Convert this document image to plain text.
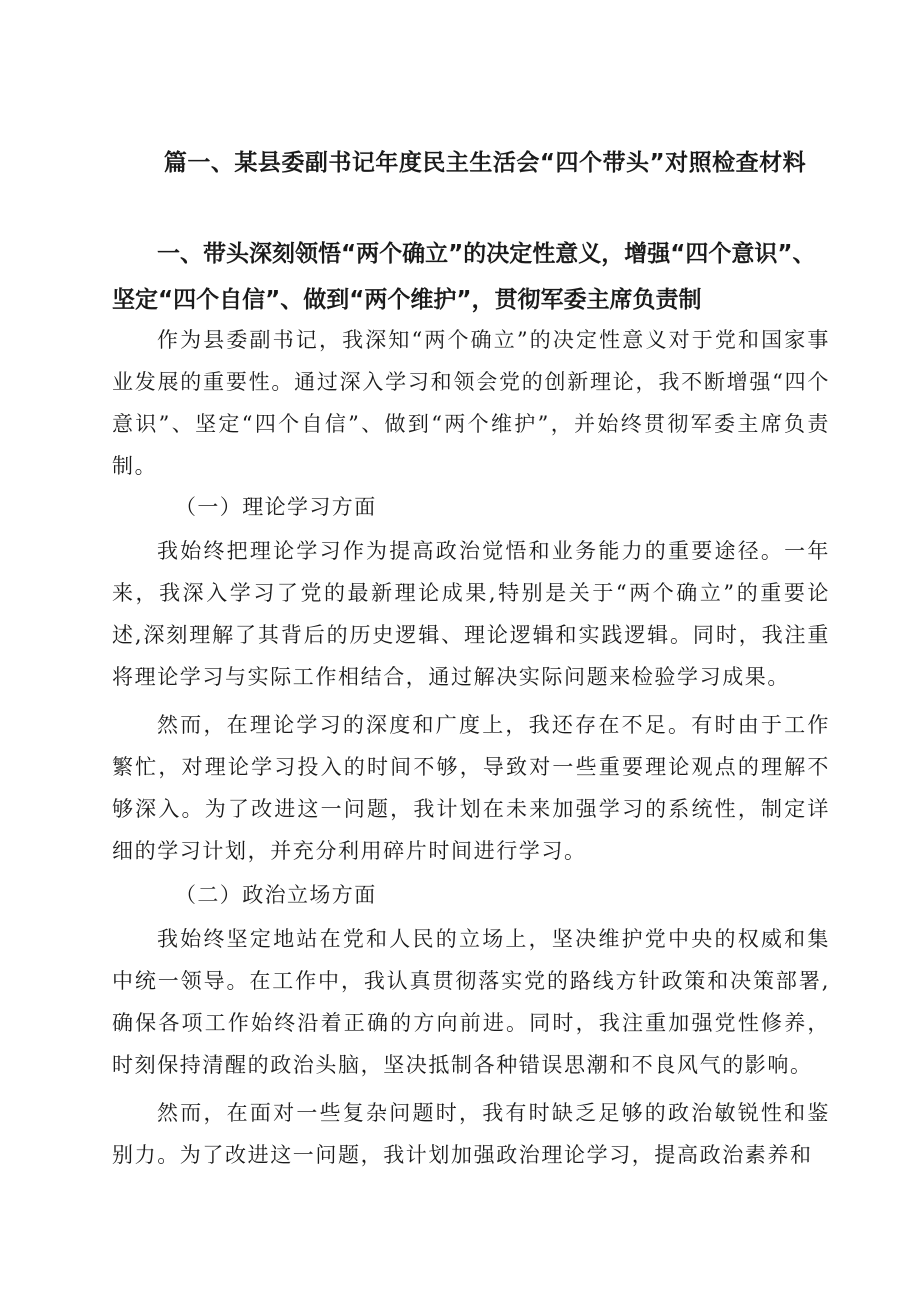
篇一、某县委副书记年度民主生活会“四个带头”对照检查材料
一、带头深刻领悟“两个确立”的决定性意义，增强“四个意识”、坚定“四个自信”、做到“两个维护”，贯彻军委主席负责制
作为县委副书记，我深知“两个确立”的决定性意义对于党和国家事业发展的重要性。通过深入学习和领会党的创新理论，我不断增强“四个意识”、坚定“四个自信”、做到“两个维护”，并始终贯彻军委主席负责制。
（一）理论学习方面
我始终把理论学习作为提高政治觉悟和业务能力的重要途径。一年来，我深入学习了党的最新理论成果,特别是关于“两个确立”的重要论述,深刻理解了其背后的历史逻辑、理论逻辑和实践逻辑。同时，我注重将理论学习与实际工作相结合，通过解决实际问题来检验学习成果。
然而，在理论学习的深度和广度上，我还存在不足。有时由于工作繁忙，对理论学习投入的时间不够，导致对一些重要理论观点的理解不够深入。为了改进这一问题，我计划在未来加强学习的系统性，制定详细的学习计划，并充分利用碎片时间进行学习。
（二）政治立场方面
我始终坚定地站在党和人民的立场上，坚决维护党中央的权威和集中统一领导。在工作中，我认真贯彻落实党的路线方针政策和决策部署,确保各项工作始终沿着正确的方向前进。同时，我注重加强党性修养，时刻保持清醒的政治头脑，坚决抵制各种错误思潮和不良风气的影响。
然而，在面对一些复杂问题时，我有时缺乏足够的政治敏锐性和鉴别力。为了改进这一问题，我计划加强政治理论学习，提高政治素养和
